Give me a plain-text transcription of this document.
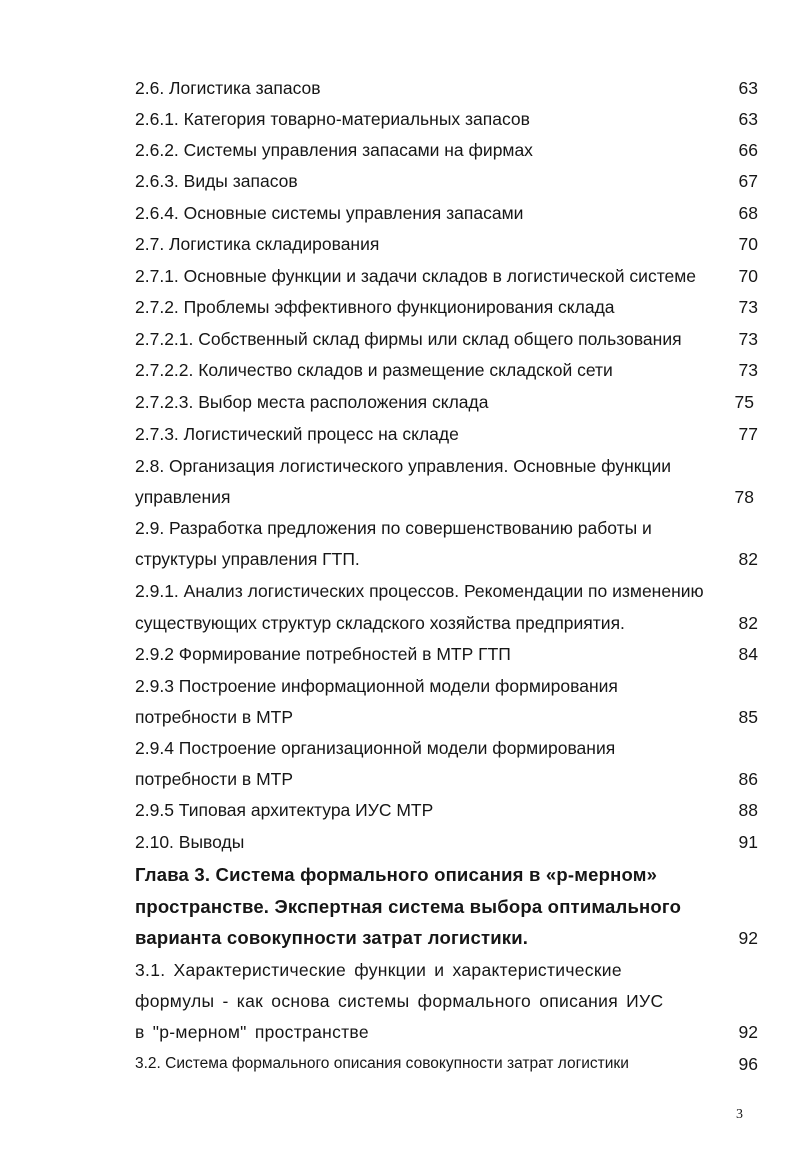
2.6. Логистика запасов	63
2.6.1. Категория товарно-материальных запасов	63
2.6.2. Системы управления запасами на фирмах	66
2.6.3. Виды запасов	67
2.6.4. Основные системы управления запасами	68
2.7. Логистика складирования	70
2.7.1. Основные функции и задачи складов в логистической системе	70
2.7.2. Проблемы эффективного функционирования склада	73
2.7.2.1. Собственный склад фирмы или склад общего пользования	73
2.7.2.2. Количество складов и размещение складской сети	73
2.7.2.3. Выбор места расположения склада	75
2.7.3. Логистический процесс на складе	77
2.8. Организация логистического управления. Основные функции
управления	78
2.9. Разработка предложения по совершенствованию работы и
структуры управления ГТП.	82
2.9.1. Анализ логистических процессов. Рекомендации по изменению
существующих структур складского хозяйства предприятия.	82
2.9.2 Формирование потребностей в МТР ГТП	84
2.9.3 Построение информационной модели формирования
потребности в МТР	85
2.9.4 Построение организационной модели формирования
потребности в МТР	86
2.9.5 Типовая архитектура ИУС МТР	88
2.10. Выводы	91
Глава 3. Система формального описания в «р-мерном»
пространстве. Экспертная система выбора оптимального
варианта совокупности затрат логистики.	92
3.1. Характеристические функции и характеристические
формулы - как основа системы формального описания ИУС
в "р-мерном" пространстве	92
3.2. Система формального описания совокупности затрат логистики	96
3
